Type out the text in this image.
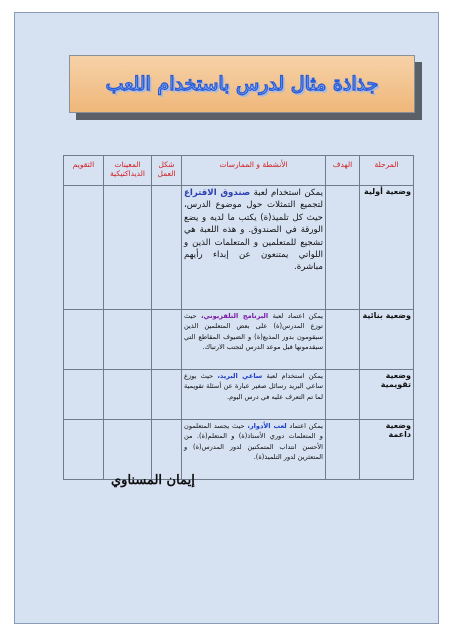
جذاذة مثال لدرس باستخدام اللعب
المرحلة	الهدف	الأنشطة و الممارسات	شكل العمل	المعينات الديداكتيكية	التقويم
وضعية أولية		يمكن استخدام لعبة صندوق الاقتراع لتجميع التمثلات حول موضوع الدرس، حيث كل تلميذ(ة) يكتب ما لديه و يضع الورقة في الصندوق. و هذه اللعبة هي تشجيع للمتعلمين و المتعلمات الذين و اللواتي يمتنعون عن إبداء رأيهم مباشرة.			
وضعية بنائية		يمكن اعتماد لعبة البرنامج التلفزيوني، حيث توزع المدرس(ة) على بعض المتعلمين الذين سيقومون بدور المذيع(ة) و الضيوف المقاطع التي سيقدمونها قبل موعد الدرس لتجنب الارتباك.			
وضعية تقويمية		يمكن استخدام لعبة ساعي البريد، حيث يوزع ساعي البريد رسائل صغير عبارة عن أسئلة تقويمية لما تم التعرف عليه في درس اليوم.			
وضعية داعمة		يمكن اعتماد لعب الأدوار، حيث يجسد المتعلمون و المتعلمات دوري الأستاذ(ة) و المتعلم(ة). من الأحسن انتداب المتمكنين لدور المدرس(ة) و المتعثرين لدور التلميذ(ة).			
إيمان المسناوي
